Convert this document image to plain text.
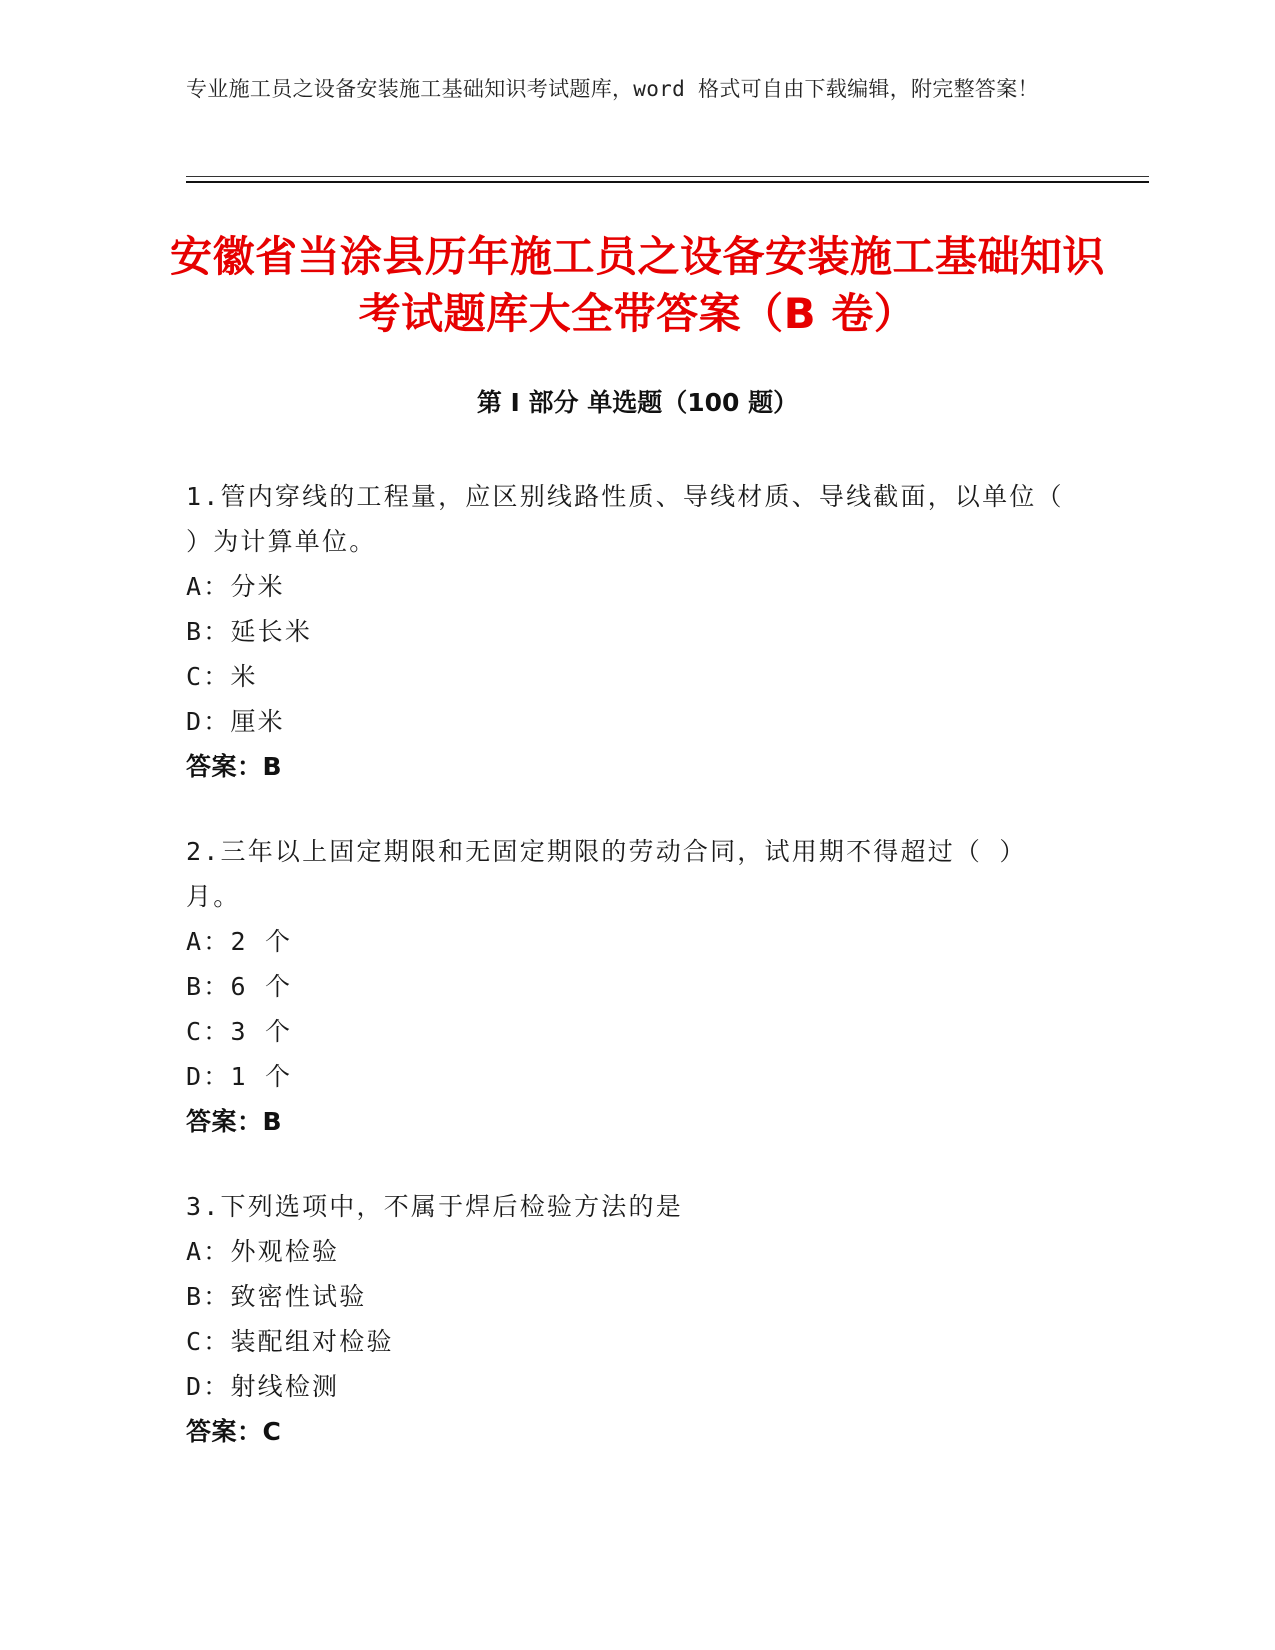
专业施工员之设备安装施工基础知识考试题库，word 格式可自由下载编辑，附完整答案！
安徽省当涂县历年施工员之设备安装施工基础知识考试题库大全带答案（B 卷）
第 I 部分 单选题（100 题）
1.管内穿线的工程量，应区别线路性质、导线材质、导线截面，以单位（ ）为计算单位。
A：分米
B：延长米
C：米
D：厘米
答案：B
2.三年以上固定期限和无固定期限的劳动合同，试用期不得超过（ ）月。
A：2 个
B：6 个
C：3 个
D：1 个
答案：B
3.下列选项中，不属于焊后检验方法的是
A：外观检验
B：致密性试验
C：装配组对检验
D：射线检测
答案：C
